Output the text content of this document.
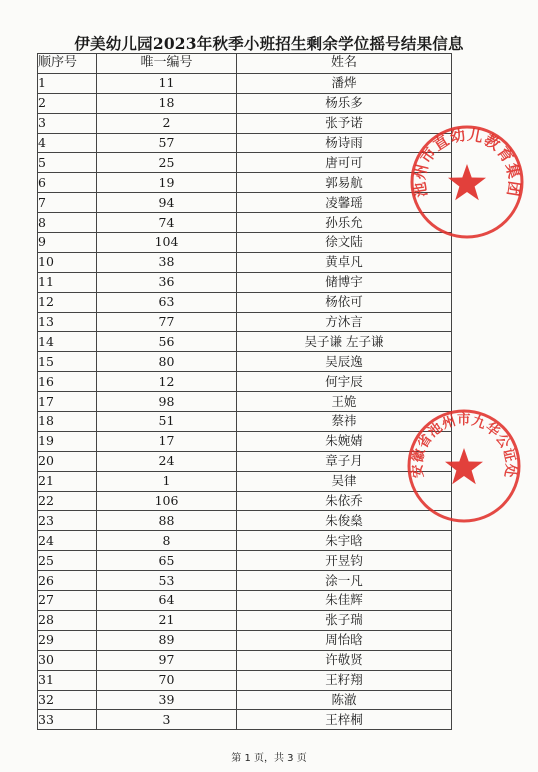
伊美幼儿园2023年秋季小班招生剩余学位摇号结果信息
顺序号	唯一编号	姓名
1	11	潘烨
2	18	杨乐多
3	2	张予诺
4	57	杨诗雨
5	25	唐可可
6	19	郭易航
7	94	凌馨瑶
8	74	孙乐允
9	104	徐文陆
10	38	黄卓凡
11	36	储博宇
12	63	杨依可
13	77	方沐言
14	56	吴子谦 左子谦
15	80	吴辰逸
16	12	何宇辰
17	98	王姽
18	51	蔡祎
19	17	朱婉婧
20	24	章子月
21	1	吴律
22	106	朱依乔
23	88	朱俊燊
24	8	朱宇晗
25	65	开昱钧
26	53	涂一凡
27	64	朱佳辉
28	21	张子瑞
29	89	周怡晗
30	97	许敬贤
31	70	王籽翔
32	39	陈澈
33	3	王梓桐
池州市直幼儿教育集团
安徽省池州市九华公证处
第 1 页，共 3 页
